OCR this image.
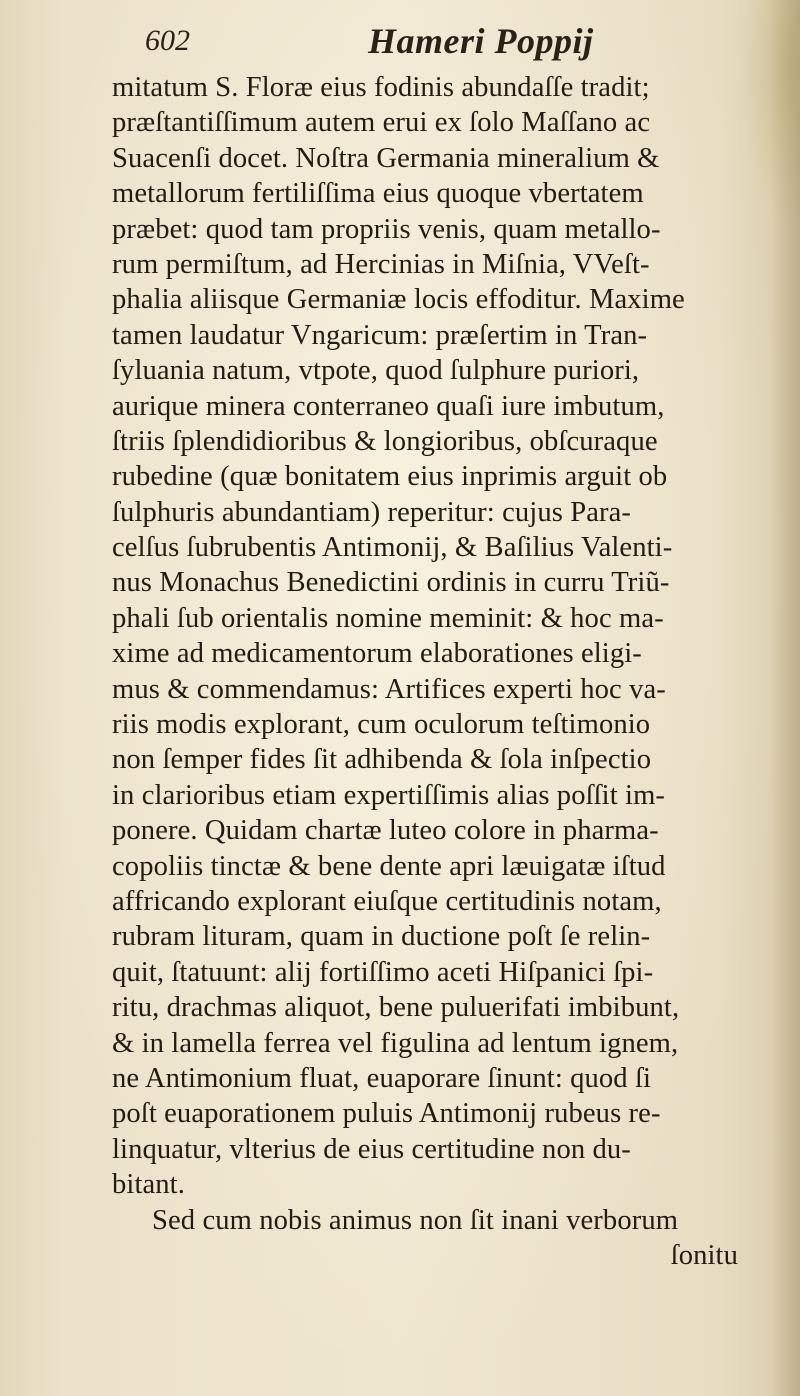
602	Hameri Poppij
mitatum S. Floræ eius fodinis abundaſſe tradit;
præſtantiſſimum autem erui ex ſolo Maſſano ac
Suacenſi docet. Noſtra Germania mineralium &
metallorum fertiliſſima eius quoque vbertatem
præbet: quod tam propriis venis, quam metallo-
rum permiſtum, ad Hercinias in Miſnia, VVeſt-
phalia aliisque Germaniæ locis effoditur. Maxime
tamen laudatur Vngaricum: præſertim in Tran-
ſyluania natum, vtpote, quod ſulphure puriori,
aurique minera conterraneo quaſi iure imbutum,
ſtriis ſplendidioribus & longioribus, obſcuraque
rubedine (quæ bonitatem eius inprimis arguit ob
ſulphuris abundantiam) reperitur: cujus Para-
celſus ſubrubentis Antimonij, & Baſilius Valenti-
nus Monachus Benedictini ordinis in curru Triũ-
phali ſub orientalis nomine meminit: & hoc ma-
xime ad medicamentorum elaborationes eligi-
mus & commendamus: Artifices experti hoc va-
riis modis explorant, cum oculorum teſtimonio
non ſemper fides ſit adhibenda & ſola inſpectio
in clarioribus etiam expertiſſimis alias poſſit im-
ponere. Quidam chartæ luteo colore in pharma-
copoliis tinctæ & bene dente apri læuigatæ iſtud
affricando explorant eiuſque certitudinis notam,
rubram lituram, quam in ductione poſt ſe relin-
quit, ſtatuunt: alij fortiſſimo aceti Hiſpanici ſpi-
ritu, drachmas aliquot, bene puluerifati imbibunt,
& in lamella ferrea vel figulina ad lentum ignem,
ne Antimonium fluat, euaporare ſinunt: quod ſi
poſt euaporationem puluis Antimonij rubeus re-
linquatur, vlterius de eius certitudine non du-
bitant.
Sed cum nobis animus non ſit inani verborum
ſonitu
